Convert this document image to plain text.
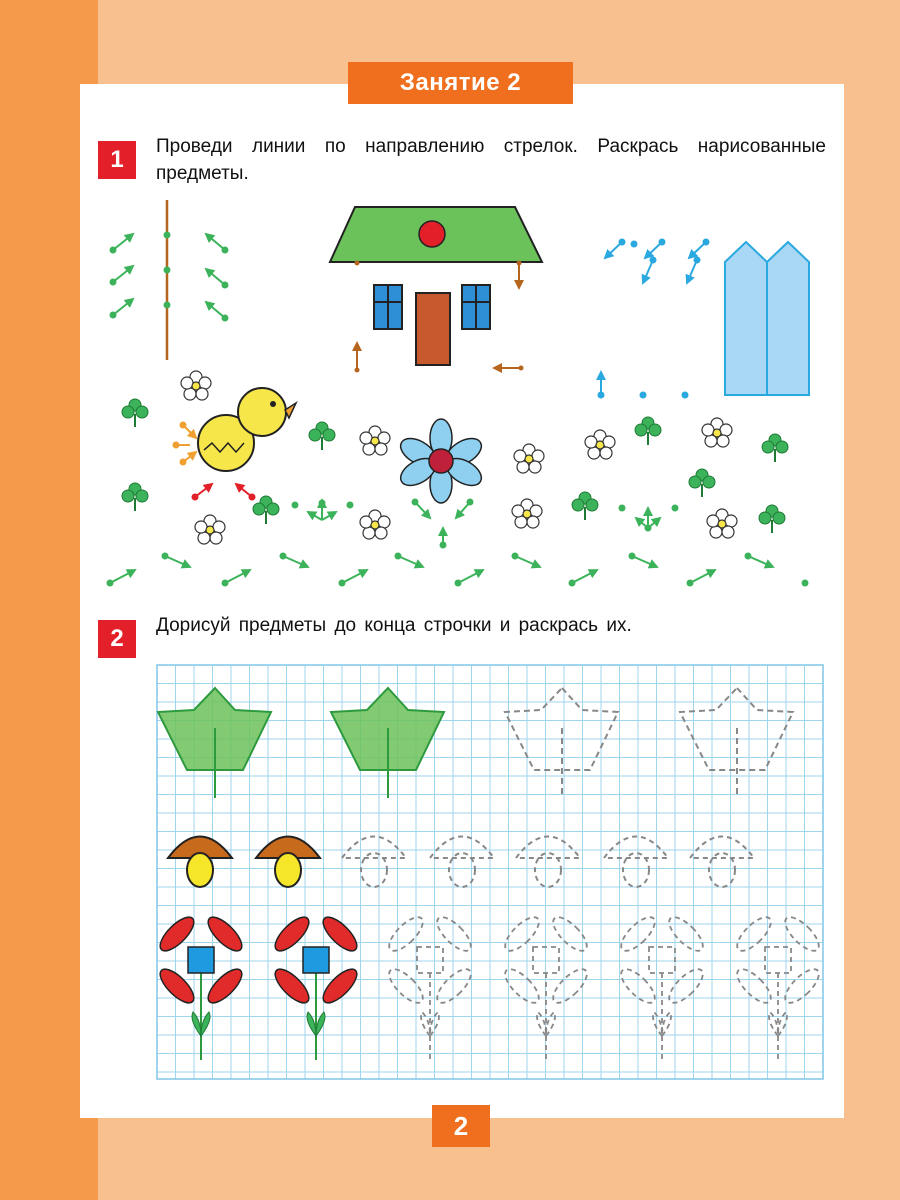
Занятие 2
1	Проведи линии по направлению стрелок. Раскрась нарисованные предметы.
2	Дорисуй предметы до конца строчки и раскрась их.
2
